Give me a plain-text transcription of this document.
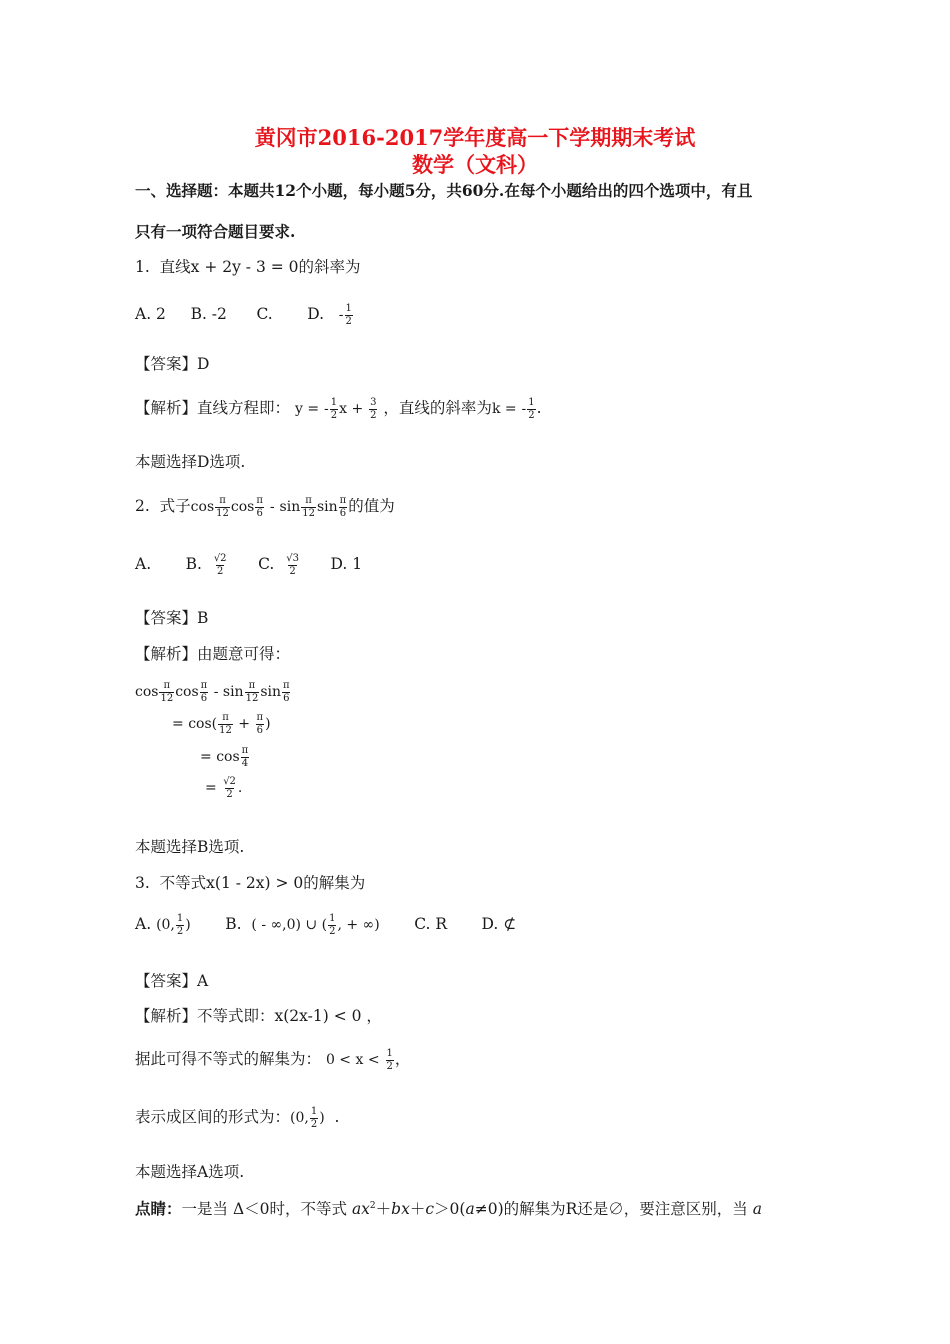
黄冈市2016-2017学年度高一下学期期末考试
数学（文科）
一、选择题：本题共12个小题，每小题5分，共60分.在每个小题给出的四个选项中，有且
只有一项符合题目要求.
1. 直线x + 2y - 3 = 0的斜率为
A. 2 B. -2 C. D. - $\frac{1}{2}$
【答案】D
【解析】直线方程即： y = - $\frac{1}{2}$ $x + \frac{3}{2}$ ，直线的斜率为k = - $\frac{1}{2}$ .
本题选择D选项.
2. 式子$\cos \frac{\pi}{12}$ $\cos \frac{\pi}{6}$ - $\sin \frac{\pi}{12}$ $\sin \frac{\pi}{6}$ 的值为
A. B. $\frac{√2}{2} C$. $\frac{√3}{2} D$. 1
【答案】B
【解析】由题意可得：
$\cos \frac{\pi}{12}$ $\cos \frac{\pi}{6}$ - $\sin \frac{\pi}{12}$ $\sin \frac{\pi}{6}$
= $\cos( \frac{\pi}{12} + \frac{\pi}{6}$ )
= $\cos \frac{\pi}{4}$
= $\frac{√2}{2}$ .
本题选择B选项.
3. 不等式x(1 - 2x) > 0的解集为
A. (0, $\frac{1}{2}$ ) B. ( - ∞,0) ∪ ( $\frac{1}{2}$ , + ∞) C. R D. ⊄
【答案】A
【解析】不等式即：x(2x-1) < 0 ，
据此可得不等式的解集为： $0 < x < \frac{1}{2}$ ，
表示成区间的形式为：(0, $\frac{1}{2}$ ) .
本题选择A选项.
点睛：一是当 Δ＜0时，不等式 $ax^2+bx+c>0(a\ne 0)$的解集为R还是∅，要注意区别，当 a
